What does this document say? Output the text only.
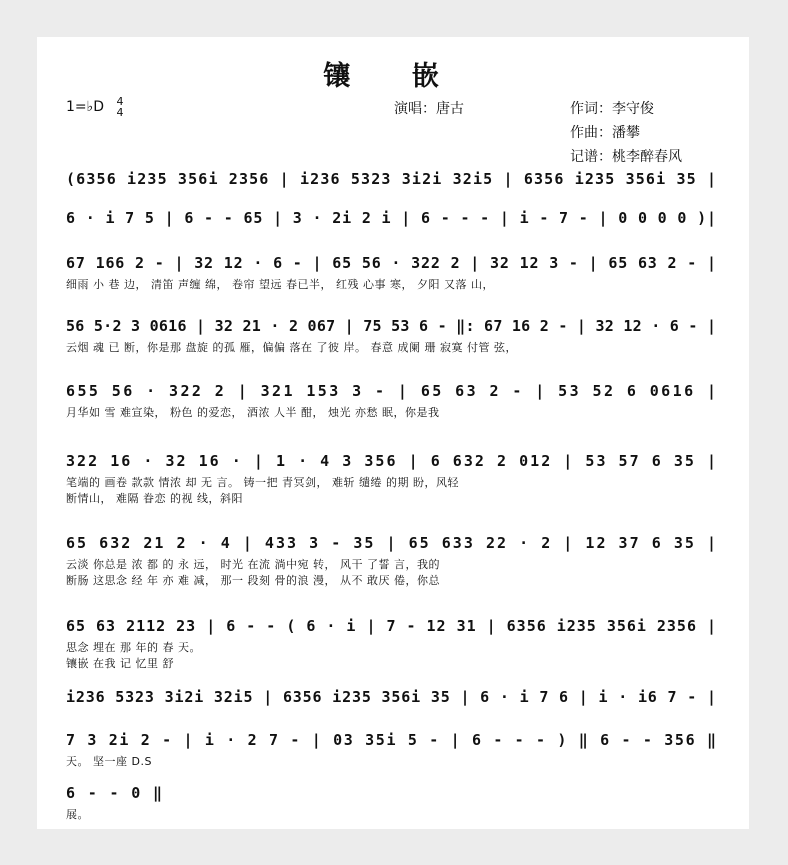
镶 嵌
1=♭D 4
4	演唱：唐古	作词：李守俊
作曲：潘攀
记谱：桃李醉春风
(6356 i235 356i 2356 | i236 5323 3i2i 32i5 | 6356 i235 356i 35 |
6 · i 7 5 | 6 - - 65 | 3 · 2i 2 i | 6 - - - | i - 7 - | 0 0 0 0 )|
67 166 2 - | 32 12 · 6 - | 65 56 · 322 2 | 32 12 3 - | 65 63 2 - |
细雨 小 巷 边， 清笛 声缠 绵， 卷帘 望远 春已半， 红残 心事 寒， 夕阳 又落 山，
56 5·2 3 0616 | 32 21 · 2 067 | 75 53 6 - ‖: 67 16 2 - | 32 12 · 6 - |
云烟 魂 已 断，你是那 盘旋 的孤 雁，偏偏 落在 了彼 岸。 春意 成阑 珊 寂寞 付管 弦，
655 56 · 322 2 | 321 153 3 - | 65 63 2 - | 53 52 6 0616 |
月华如 雪 难宣染， 粉色 的爱恋， 酒浓 人半 酣， 烛光 亦愁 眠，你是我
322 16 · 32 16 · | 1 · 4 3 356 | 6 632 2 012 | 53 57 6 35 |
笔端的 画卷 款款 情浓 却 无 言。 铸一把 青冥剑， 难斩 缱绻 的期 盼，风轻
断情山， 难隔 眷恋 的视 线，斜阳
65 632 21 2 · 4 | 433 3 - 35 | 65 633 22 · 2 | 12 37 6 35 |
云淡 你总是 浓 都 的 永 远， 时光 在流 淌中宛 转， 风干 了誓 言，我的
断肠 这思念 经 年 亦 难 减， 那一 段刻 骨的浪 漫， 从不 敢厌 倦，你总
65 63 2112 23 | 6 - - ( 6 · i | 7 - 12 31 | 6356 i235 356i 2356 |
思念 埋在 那 年的 春 天。
镶嵌 在我 记 忆里 舒
i236 5323 3i2i 32i5 | 6356 i235 356i 35 | 6 · i 7 6 | i · i6 7 - |
7 3 2i 2 - | i · 2 7 - | 03 35i 5 - | 6 - - - ) ‖ 6 - - 356 ‖
天。 坚一座 D.S
6 - - 0 ‖
展。
